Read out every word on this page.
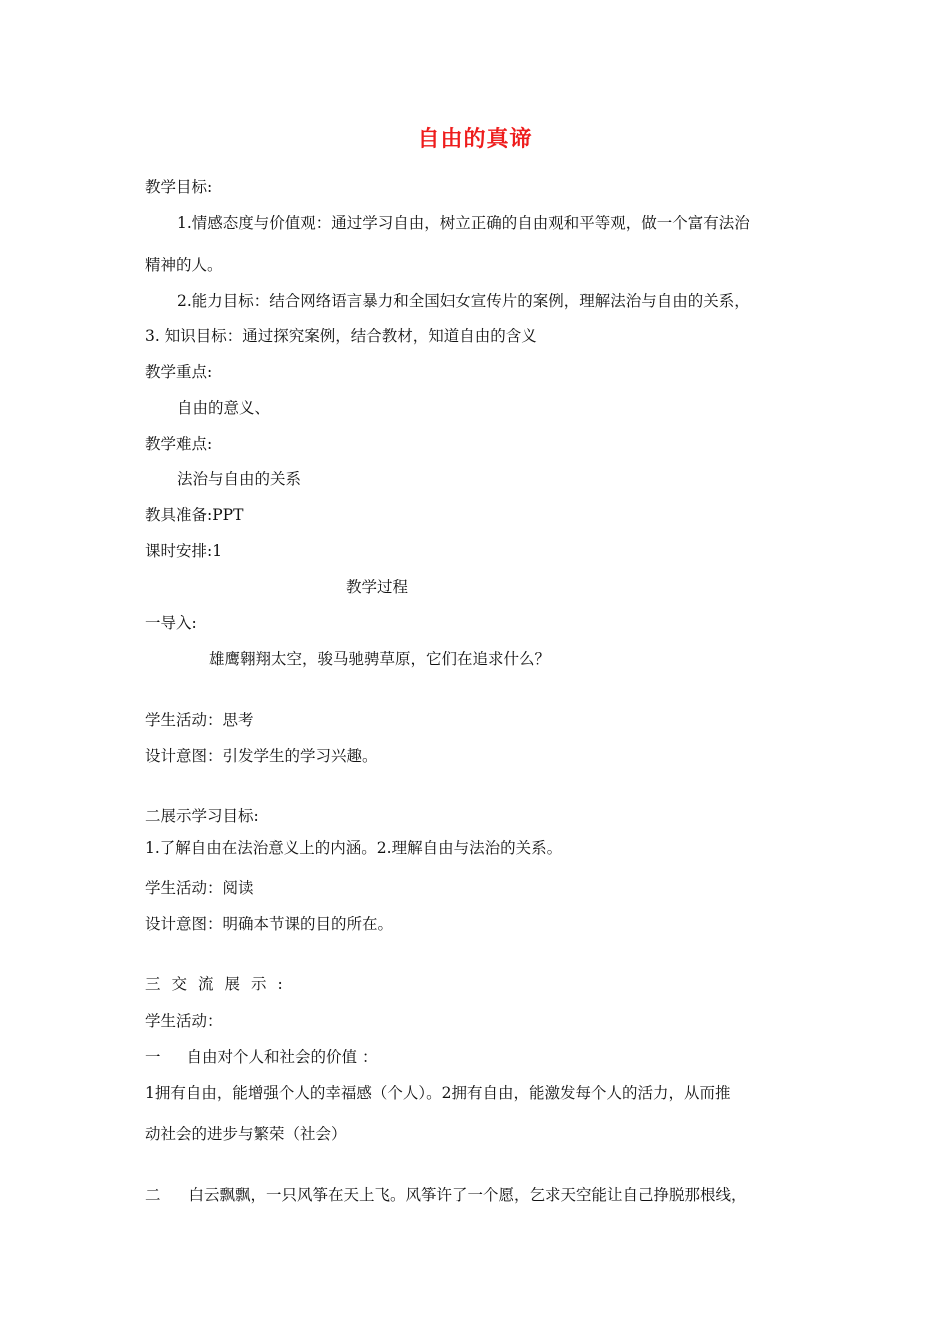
自由的真谛
教学目标:
1.情感态度与价值观：通过学习自由，树立正确的自由观和平等观，做一个富有法治
精神的人。
2.能力目标：结合网络语言暴力和全国妇女宣传片的案例，理解法治与自由的关系，
3. 知识目标：通过探究案例，结合教材，知道自由的含义
教学重点:
自由的意义、
教学难点:
法治与自由的关系
教具准备:PPT
课时安排:1
教学过程
一导入:
雄鹰翱翔太空，骏马驰骋草原，它们在追求什么？
学生活动：思考
设计意图：引发学生的学习兴趣。
二展示学习目标:
1.了解自由在法治意义上的内涵。2.理解自由与法治的关系。
学生活动：阅读
设计意图：明确本节课的目的所在。
三交流展示:
学生活动：
一 自由对个人和社会的价值 ：
1拥有自由，能增强个人的幸福感（个人）。2拥有自由，能激发每个人的活力，从而推
动社会的进步与繁荣（社会）
二 白云飘飘，一只风筝在天上飞。风筝许了一个愿，乞求天空能让自己挣脱那根线，
